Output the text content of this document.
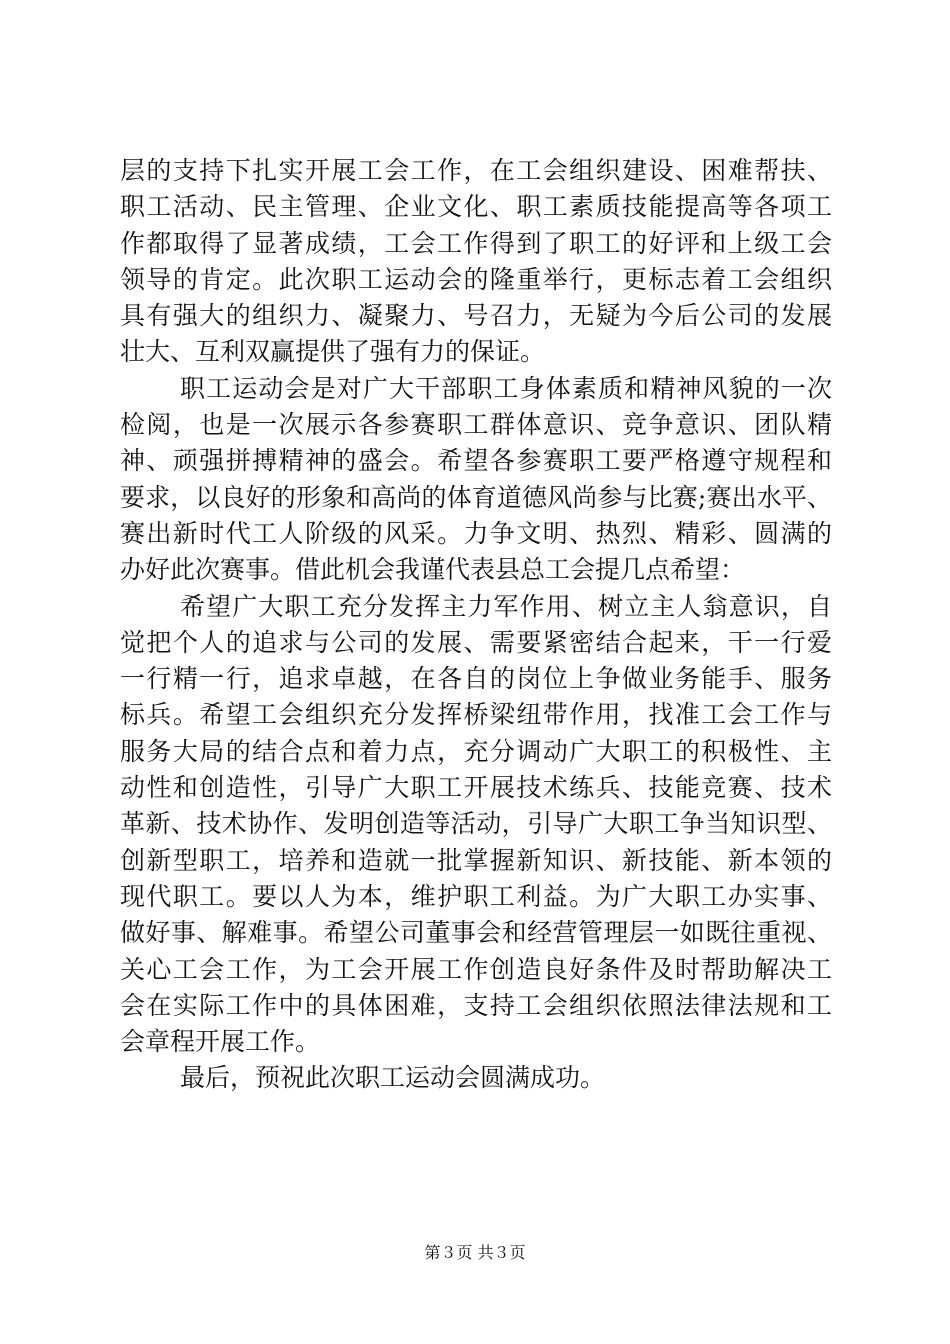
层的支持下扎实开展工会工作，在工会组织建设、困难帮扶、
职工活动、民主管理、企业文化、职工素质技能提高等各项工
作都取得了显著成绩，工会工作得到了职工的好评和上级工会
领导的肯定。此次职工运动会的隆重举行，更标志着工会组织
具有强大的组织力、凝聚力、号召力，无疑为今后公司的发展
壮大、互利双赢提供了强有力的保证。
职工运动会是对广大干部职工身体素质和精神风貌的一次
检阅，也是一次展示各参赛职工群体意识、竞争意识、团队精
神、顽强拼搏精神的盛会。希望各参赛职工要严格遵守规程和
要求，以良好的形象和高尚的体育道德风尚参与比赛;赛出水平、
赛出新时代工人阶级的风采。力争文明、热烈、精彩、圆满的
办好此次赛事。借此机会我谨代表县总工会提几点希望：
希望广大职工充分发挥主力军作用、树立主人翁意识，自
觉把个人的追求与公司的发展、需要紧密结合起来，干一行爱
一行精一行，追求卓越，在各自的岗位上争做业务能手、服务
标兵。希望工会组织充分发挥桥梁纽带作用，找准工会工作与
服务大局的结合点和着力点，充分调动广大职工的积极性、主
动性和创造性，引导广大职工开展技术练兵、技能竞赛、技术
革新、技术协作、发明创造等活动，引导广大职工争当知识型、
创新型职工，培养和造就一批掌握新知识、新技能、新本领的
现代职工。要以人为本，维护职工利益。为广大职工办实事、
做好事、解难事。希望公司董事会和经营管理层一如既往重视、
关心工会工作，为工会开展工作创造良好条件及时帮助解决工
会在实际工作中的具体困难，支持工会组织依照法律法规和工
会章程开展工作。
最后，预祝此次职工运动会圆满成功。
第３页 共３页
